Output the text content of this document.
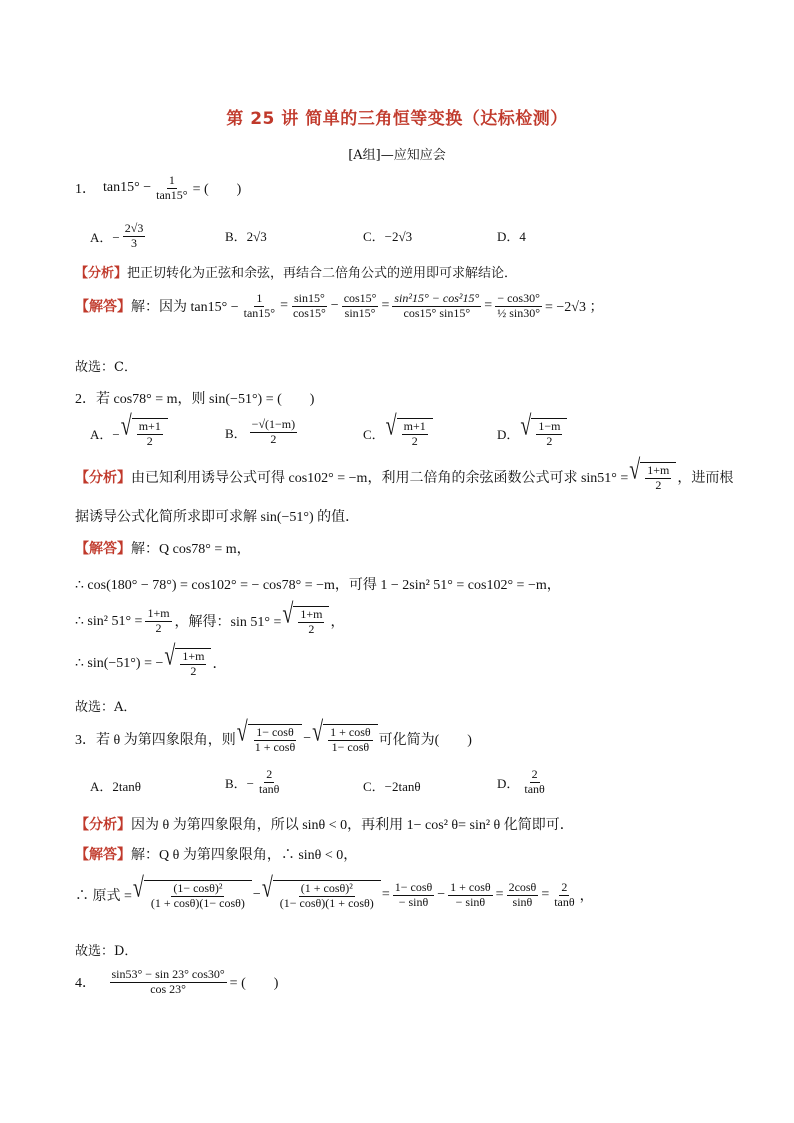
第 25 讲 简单的三角恒等变换（达标检测）
[A组]—应知应会
1．
$\tan 15^\circ - \frac{1}{\tan 15^\circ}$ = (　　)
A．− $\frac{2√3}{3}$	B．2√3	C．−2√3	D．4
【分析】 把正切转化为正弦和余弦，再结合二倍角公式的逆用即可求解结论．
【解答】 解：因为 $\tan 15^\circ - \frac{1}{\tan 15^\circ} = \frac{\sin 15^\circ}{\cos 15^\circ} - \frac{\cos 15^\circ}{\sin 15^\circ} = \frac{\text{sin²15° − cos²15°}}{\cos 15^\circ \sin 15^\circ} = \frac{- \cos 30^\circ}{\text{½ sin30°}} = -2√3$ ；
故选：C．
2．若 cos78° = m，则 sin(−51°) = (　　)
A．− √ $\frac{m+1}{2}$	B． $\frac{-√(1-m)}{2}$	C． √ $\frac{m+1}{2}$	D． √ $\frac{1-m}{2}$
【分析】 由已知利用诱导公式可得 cos102° = −m，利用二倍角的余弦函数公式可求 sin51° = √ $\frac{1+m}{2}$ ，进而根
据诱导公式化简所求即可求解 sin(−51°) 的值．
【解答】 解：Q cos78° = m，
∴ cos(180° − 78°) = cos102° = − cos78° = −m，可得 1 − 2sin² 51° = cos102° = −m，
∴ sin² $51^\circ = \frac{1+m}{2}$ ，解得：sin 51° = √ $\frac{1+m}{2}$ ，
∴ sin(−51°) = − √ $\frac{1+m}{2}$ ．
故选：A．
3．若 θ 为第四象限角，则 √ $\frac{1- \cos\theta}{1 + \cos\theta}$ − √ $\frac{1 + \cos\theta}{1- \cos\theta}$ 可化简为(　　)
A．2tanθ	B．− $\frac{2}{\tan\theta}$	C．−2tanθ	D． $\frac{2}{\tan\theta}$
【分析】 因为 θ 为第四象限角，所以 sinθ < 0，再利用 1− cos² θ= sin² θ 化简即可．
【解答】 解：Q θ 为第四象限角，∴ sinθ < 0，
∴ 原式 = √ $\frac{\text{(1− cosθ)²}}{(1 + \cos\theta)(1- \cos\theta)}$ − √ $\frac{\text{(1 + cosθ)²}}{(1- \cos\theta)(1 + \cos\theta)} = \frac{1- \cos\theta}{- \sin\theta} - \frac{1 + \cos\theta}{- \sin\theta} = \frac{2\cos\theta}{\sin\theta} = \frac{2}{\tan\theta}$ ，
故选：D．
4．
$\frac{\sin 53^\circ - \sin 23^\circ \cos 30^\circ}{\cos 23^\circ}$ = (　　)
